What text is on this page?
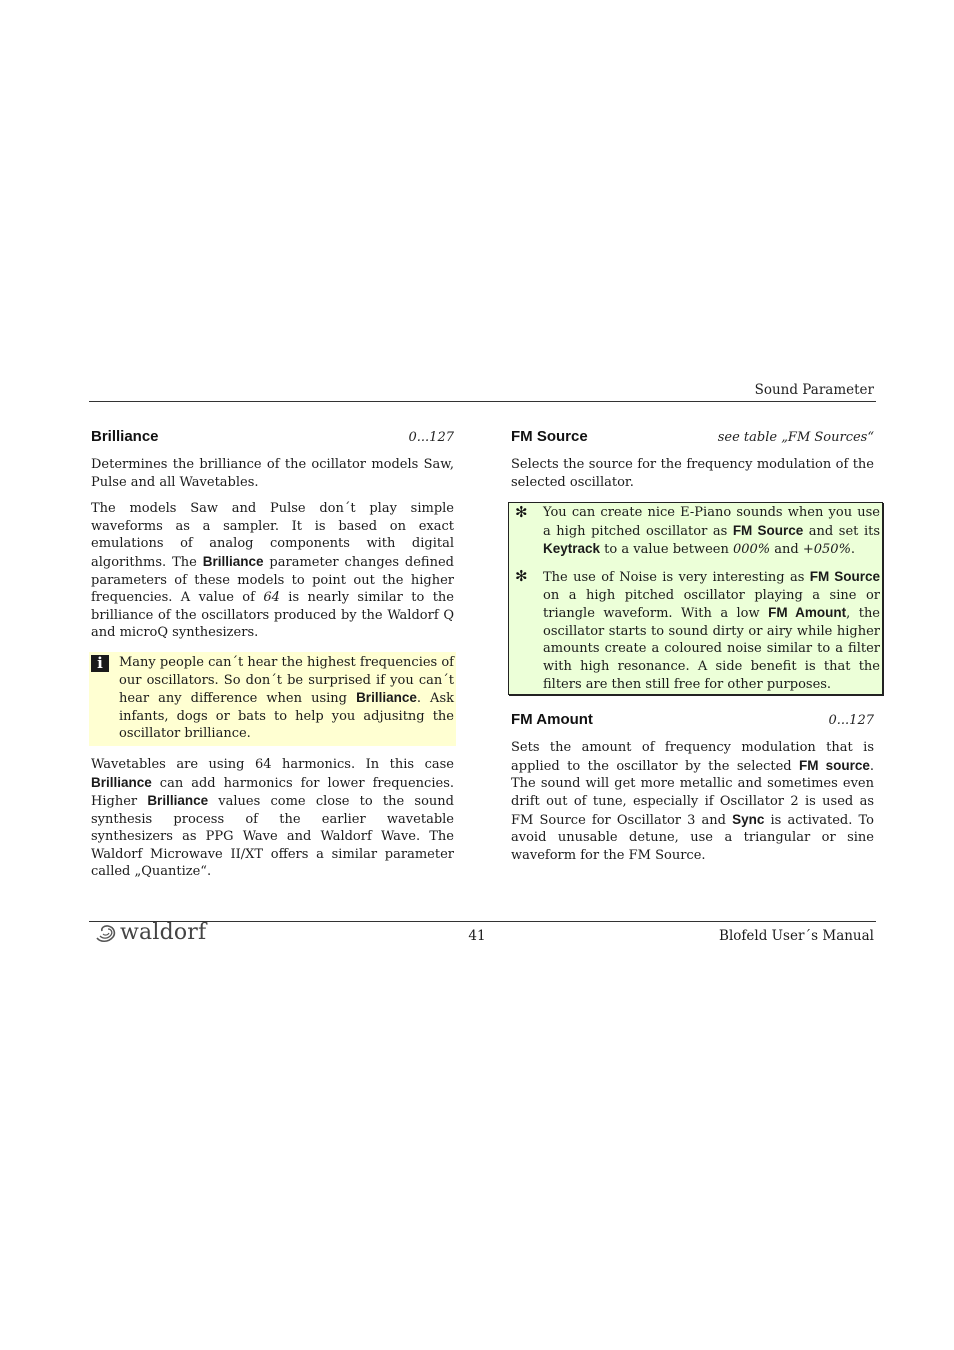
Sound Parameter
Brilliance	0...127

Determines the brilliance of the ocillator models Saw, Pulse and all Wavetables.

The models Saw and Pulse don´t play simple waveforms as a sampler. It is based on exact emulations of analog components with digital algorithms. The Brilliance parameter changes defined parameters of these models to point out the higher frequencies. A value of 64 is nearly similar to the brilliance of the oscillators produced by the Waldorf Q and microQ synthesizers.

i	Many people can´t hear the highest frequencies of our oscillators. So don´t be surprised if you can´t hear any difference when using Brilliance. Ask infants, dogs or bats to help you adjusitng the oscillator brilliance.

Wavetables are using 64 harmonics. In this case Brilliance can add harmonics for lower frequencies. Higher Brilliance values come close to the sound synthesis process of the earlier wavetable synthesizers as PPG Wave and Waldorf Wave. The Waldorf Microwave II/XT offers a similar parameter called „Quantize“.

FM Source	see table „FM Sources“

Selects the source for the frequency modulation of the selected oscillator.

✻ You can create nice E-Piano sounds when you use a high pitched oscillator as FM Source and set its Keytrack to a value between 000% and +050%.

✻ The use of Noise is very interesting as FM Source on a high pitched oscillator playing a sine or triangle waveform. With a low FM Amount, the oscillator starts to sound dirty or airy while higher amounts create a coloured noise similar to a filter with high resonance. A side benefit is that the filters are then still free for other purposes.

FM Amount	0...127

Sets the amount of frequency modulation that is applied to the oscillator by the selected FM source. The sound will get more metallic and sometimes even drift out of tune, especially if Oscillator 2 is used as FM Source for Oscillator 3 and Sync is activated. To avoid unusable detune, use a triangular or sine waveform for the FM Source.

waldorf	41	Blofeld User´s Manual
